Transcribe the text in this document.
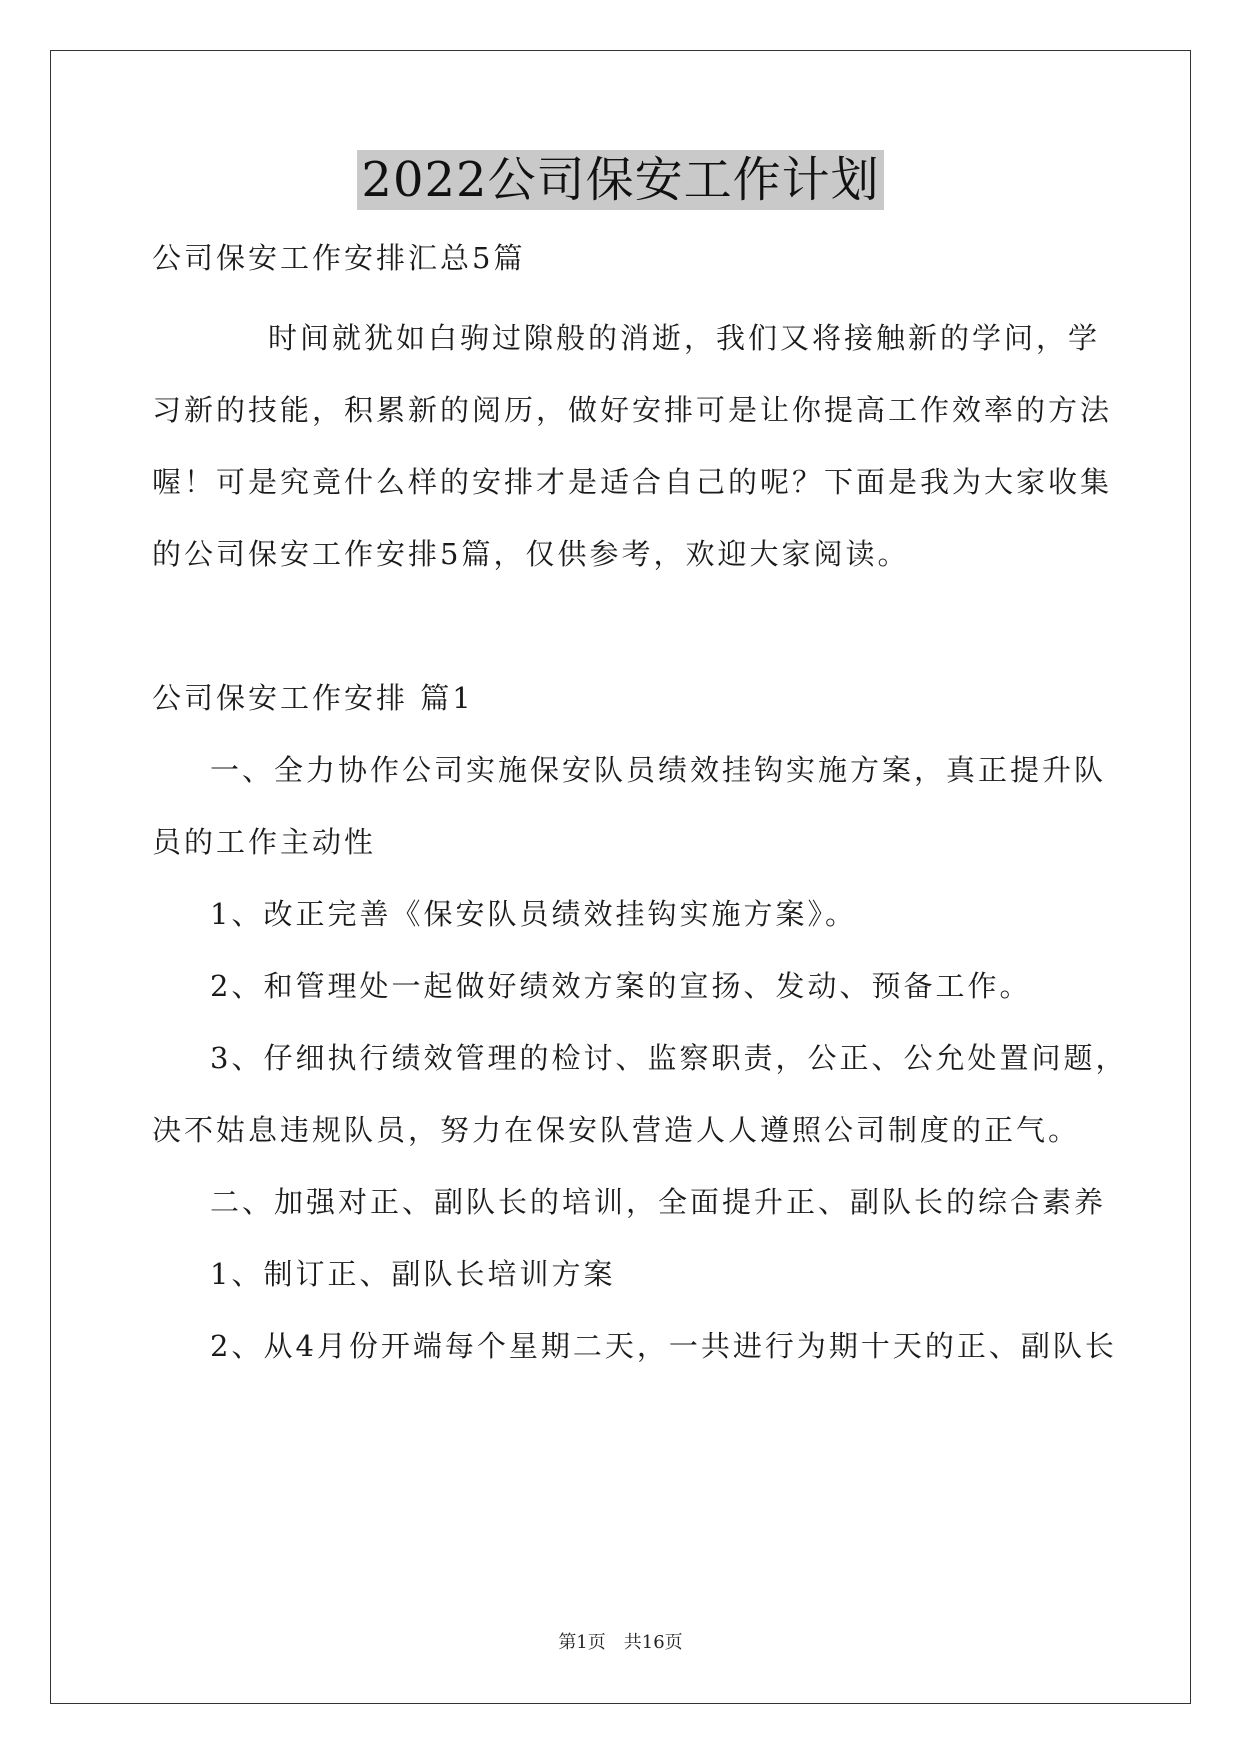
2022公司保安工作计划
公司保安工作安排汇总5篇
时间就犹如白驹过隙般的消逝，我们又将接触新的学问，学
习新的技能，积累新的阅历，做好安排可是让你提高工作效率的方法
喔！可是究竟什么样的安排才是适合自己的呢？下面是我为大家收集
的公司保安工作安排5篇，仅供参考，欢迎大家阅读。
公司保安工作安排 篇1
一、全力协作公司实施保安队员绩效挂钩实施方案，真正提升队
员的工作主动性
1、改正完善《保安队员绩效挂钩实施方案》。
2、和管理处一起做好绩效方案的宣扬、发动、预备工作。
3、仔细执行绩效管理的检讨、监察职责，公正、公允处置问题，
决不姑息违规队员，努力在保安队营造人人遵照公司制度的正气。
二、加强对正、副队长的培训，全面提升正、副队长的综合素养
1、制订正、副队长培训方案
2、从4月份开端每个星期二天，一共进行为期十天的正、副队长
第1页　共16页
